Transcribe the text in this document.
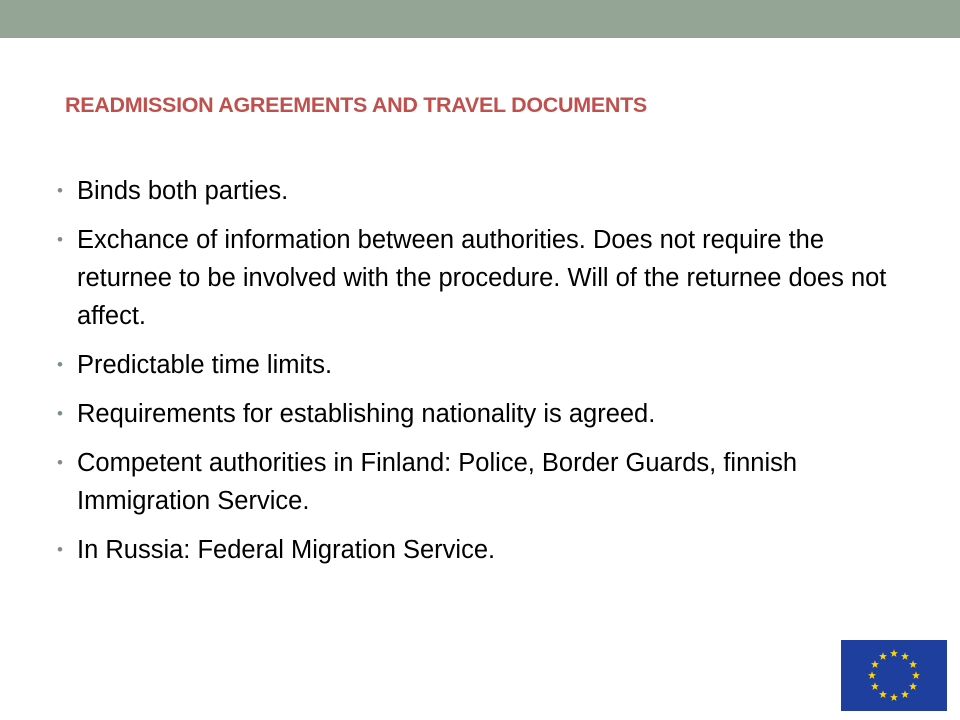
READMISSION AGREEMENTS AND TRAVEL DOCUMENTS
• Binds both parties.
• Exchance of information between authorities. Does not require the returnee to be involved with the procedure. Will of the returnee does not affect.
• Predictable time limits.
• Requirements for establishing nationality is agreed.
• Competent authorities in Finland: Police, Border Guards, finnish Immigration Service.
• In Russia: Federal Migration Service.
